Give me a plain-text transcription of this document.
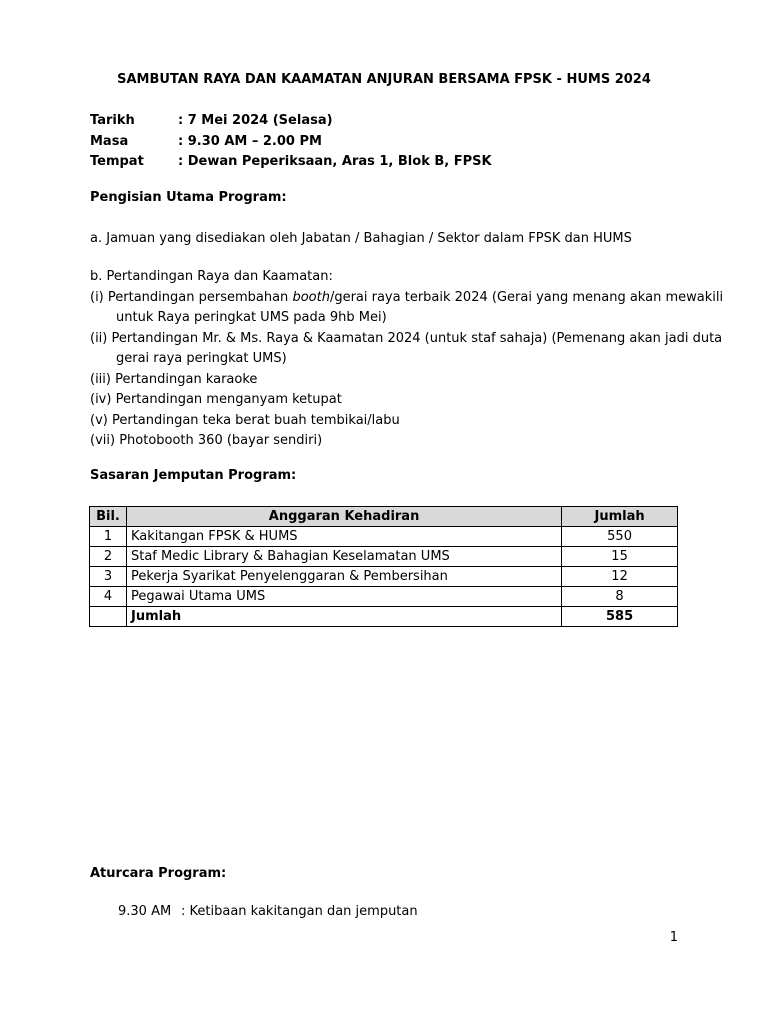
SAMBUTAN RAYA DAN KAAMATAN ANJURAN BERSAMA FPSK - HUMS 2024
Tarikh	: 7 Mei 2024 (Selasa)
Masa	: 9.30 AM – 2.00 PM
Tempat	: Dewan Peperiksaan, Aras 1, Blok B, FPSK
Pengisian Utama Program:
a. Jamuan yang disediakan oleh Jabatan / Bahagian / Sektor dalam FPSK dan HUMS
b. Pertandingan Raya dan Kaamatan:
(i) Pertandingan persembahan booth/gerai raya terbaik 2024 (Gerai yang menang akan mewakili
untuk Raya peringkat UMS pada 9hb Mei)
(ii) Pertandingan Mr. & Ms. Raya & Kaamatan 2024 (untuk staf sahaja) (Pemenang akan jadi duta
gerai raya peringkat UMS)
(iii) Pertandingan karaoke
(iv) Pertandingan menganyam ketupat
(v) Pertandingan teka berat buah tembikai/labu
(vii) Photobooth 360 (bayar sendiri)
Sasaran Jemputan Program:
Bil.	Anggaran Kehadiran	Jumlah
1	Kakitangan FPSK & HUMS	550
2	Staf Medic Library & Bahagian Keselamatan UMS	15
3	Pekerja Syarikat Penyelenggaran & Pembersihan	12
4	Pegawai Utama UMS	8
	Jumlah	585
Aturcara Program:
9.30 AM : Ketibaan kakitangan dan jemputan
1
